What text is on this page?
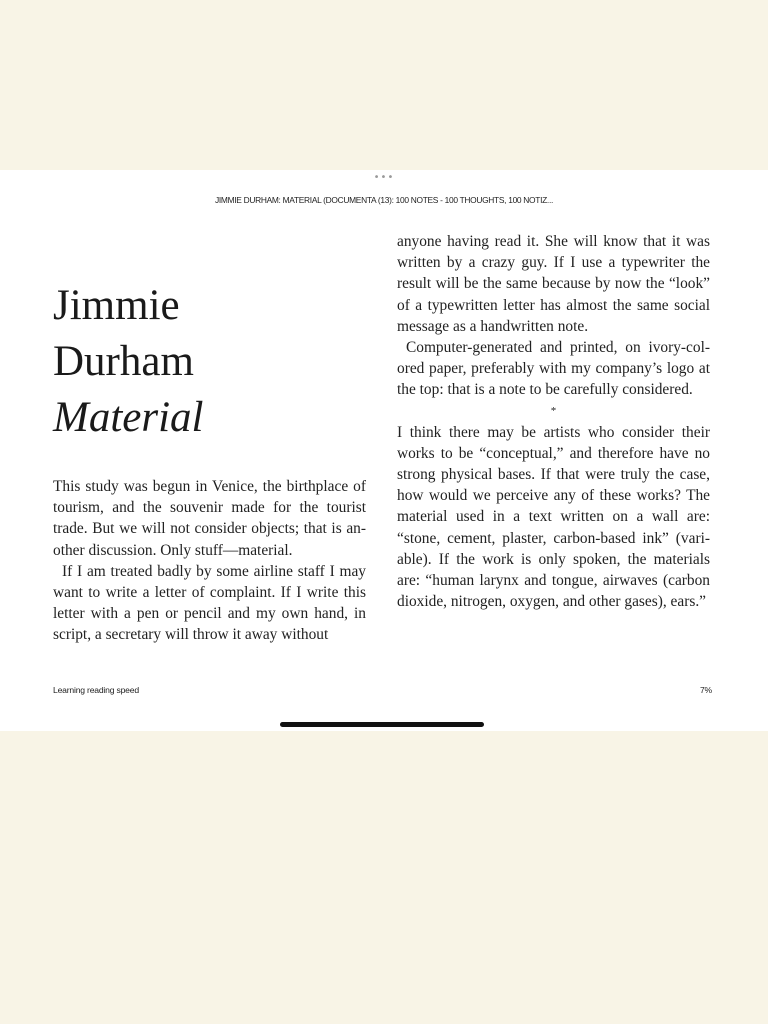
•••
JIMMIE DURHAM: MATERIAL (DOCUMENTA (13): 100 NOTES - 100 THOUGHTS, 100 NOTIZ...
Jimmie
Durham
Material

This study was begun in Venice, the birthplace of tourism, and the souvenir made for the tourist trade. But we will not consider objects; that is another discussion. Only stuff—material.

If I am treated badly by some airline staff I may want to write a letter of complaint. If I write this letter with a pen or pencil and my own hand, in script, a secretary will throw it away without

anyone having read it. She will know that it was written by a crazy guy. If I use a typewriter the result will be the same because by now the “look” of a typewritten letter has almost the same social message as a handwritten note.

Computer-generated and printed, on ivory-colored paper, preferably with my company’s logo at the top: that is a note to be carefully considered.

*

I think there may be artists who consider their works to be “conceptual,” and therefore have no strong physical bases. If that were truly the case, how would we perceive any of these works? The material used in a text written on a wall are: “stone, cement, plaster, carbon-based ink” (variable). If the work is only spoken, the materials are: “human larynx and tongue, airwaves (carbon dioxide, nitrogen, oxygen, and other gases), ears.”

Learning reading speed	7%
